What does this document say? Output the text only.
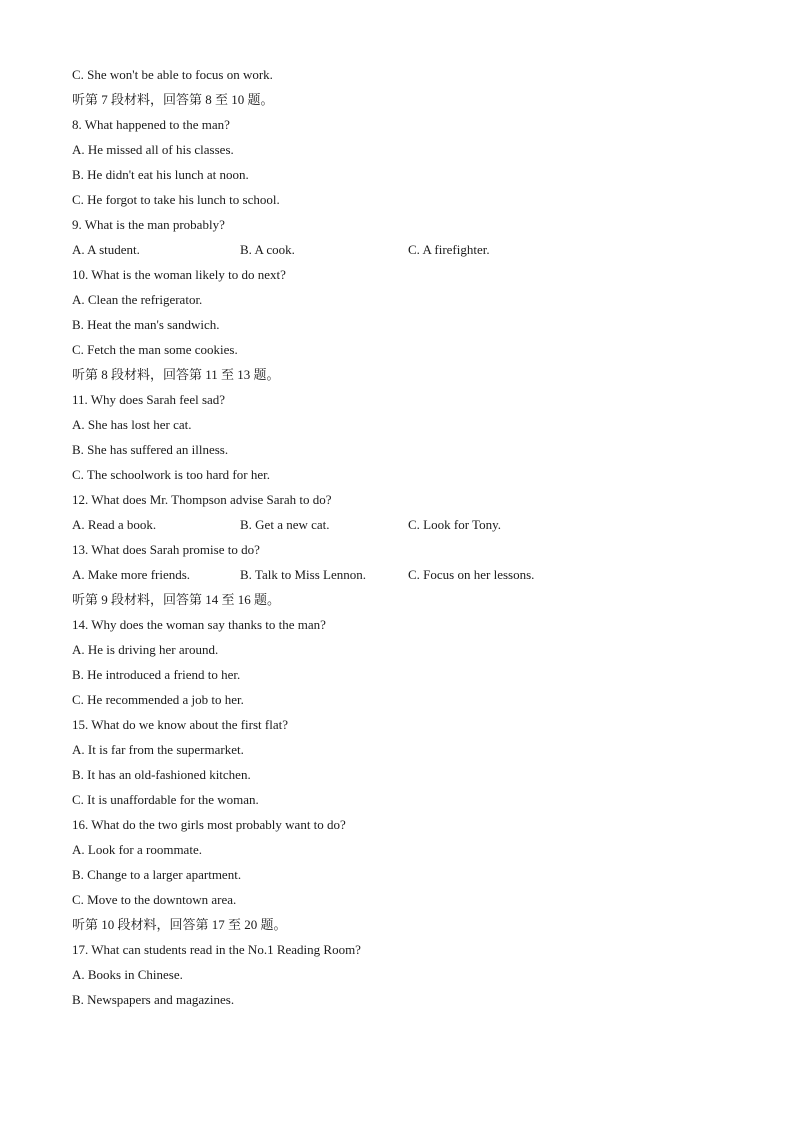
C. She won't be able to focus on work.
听第 7 段材料，回答第 8 至 10 题。
8. What happened to the man?
A. He missed all of his classes.
B. He didn't eat his lunch at noon.
C. He forgot to take his lunch to school.
9. What is the man probably?
A. A student.	B. A cook.	C. A firefighter.
10. What is the woman likely to do next?
A. Clean the refrigerator.
B. Heat the man's sandwich.
C. Fetch the man some cookies.
听第 8 段材料，回答第 11 至 13 题。
11. Why does Sarah feel sad?
A. She has lost her cat.
B. She has suffered an illness.
C. The schoolwork is too hard for her.
12. What does Mr. Thompson advise Sarah to do?
A. Read a book.	B. Get a new cat.	C. Look for Tony.
13. What does Sarah promise to do?
A. Make more friends.	B. Talk to Miss Lennon.	C. Focus on her lessons.
听第 9 段材料，回答第 14 至 16 题。
14. Why does the woman say thanks to the man?
A. He is driving her around.
B. He introduced a friend to her.
C. He recommended a job to her.
15. What do we know about the first flat?
A. It is far from the supermarket.
B. It has an old-fashioned kitchen.
C. It is unaffordable for the woman.
16. What do the two girls most probably want to do?
A. Look for a roommate.
B. Change to a larger apartment.
C. Move to the downtown area.
听第 10 段材料，回答第 17 至 20 题。
17. What can students read in the No.1 Reading Room?
A. Books in Chinese.
B. Newspapers and magazines.
